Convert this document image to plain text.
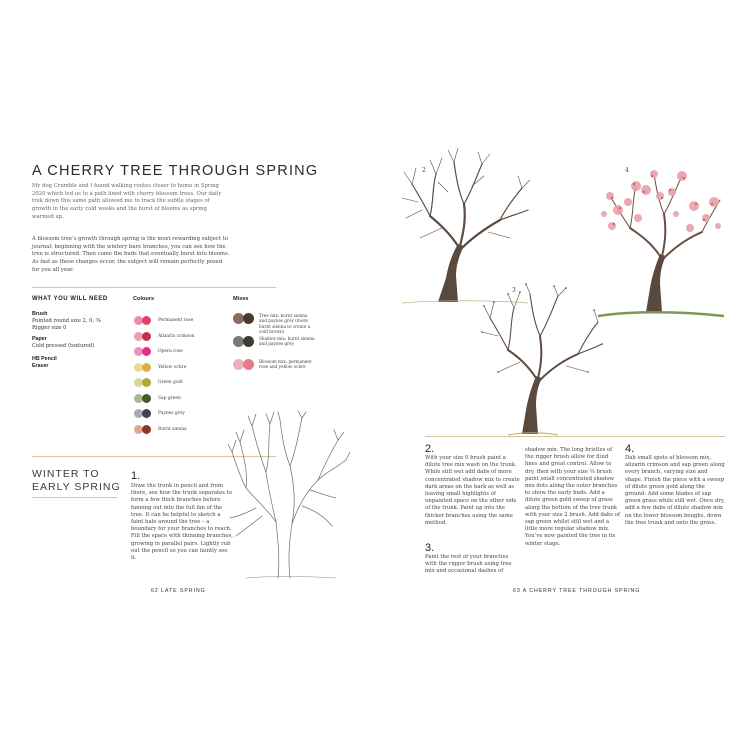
A CHERRY TREE THROUGH SPRING
My dog Crumble and I found walking routes closer to home in Spring 2020 which led us to a path lined with cherry blossom trees. Our daily trek down this same path allowed me to track the subtle stages of growth in the early cold weeks and the burst of blooms as spring warmed up.
A blossom tree’s growth through spring is the most rewarding subject to journal: beginning with the wintery bare branches, you can see how the tree is structured. Then come the buds that eventually burst into blooms. As fast as these changes occur, the subject will remain perfectly posed for you all year.
WHAT YOU WILL NEED
Brush
Pointed round size 2, 0, ⅝
Rigger size 0
Paper
Cold pressed (textured)
HB Pencil
Eraser
Colours
Permanent rose
Alizarin crimson
Opera rose
Yellow ochre
Green gold
Sap green
Paynes grey
Burnt sienna
Mixes
Tree mix: burnt sienna and paynes grey (more burnt sienna to create a cold brown)
Shadow mix: burnt sienna and paynes grey
Blossom mix: permanent rose and yellow ochre
WINTER TO
EARLY SPRING
1.
Draw the trunk in pencil and from there, see how the trunk separates to form a few thick branches before fanning out into the full fan of the tree. It can be helpful to sketch a faint halo around the tree – a boundary for your branches to reach. Fill the space with thinning branches, growing in parallel pairs. Lightly rub out the pencil so you can faintly see it.
62 LATE SPRING
2
3
4
2.
With your size 0 brush paint a dilute tree mix wash on the trunk. While still wet add dabs of more concentrated shadow mix to create dark areas on the bark as well as leaving small highlights of unpainted space on the other side of the trunk. Paint up into the thicker branches using the same method.
3.
Paint the rest of your branches with the rigger brush using tree mix and occasional dashes of
shadow mix. The long bristles of the rigger brush allow for fluid lines and great control. Allow to dry, then with your size ⅝ brush paint small concentrated shadow mix dots along the outer branches to show the early buds. Add a dilute green gold sweep of grass along the bottom of the tree trunk with your size 2 brush. Add dabs of sap green whilst still wet and a little more regular shadow mix. You’ve now painted the tree in its winter stage.
4.
Dab small spots of blossom mix, alizarin crimson and sap green along every branch, varying size and shape. Finish the piece with a sweep of dilute green gold along the ground. Add some blades of sap green grass while still wet. Once dry, add a few dabs of dilute shadow mix on the lower blossom boughs, down the tree trunk and onto the grass.
63 A CHERRY TREE THROUGH SPRING
